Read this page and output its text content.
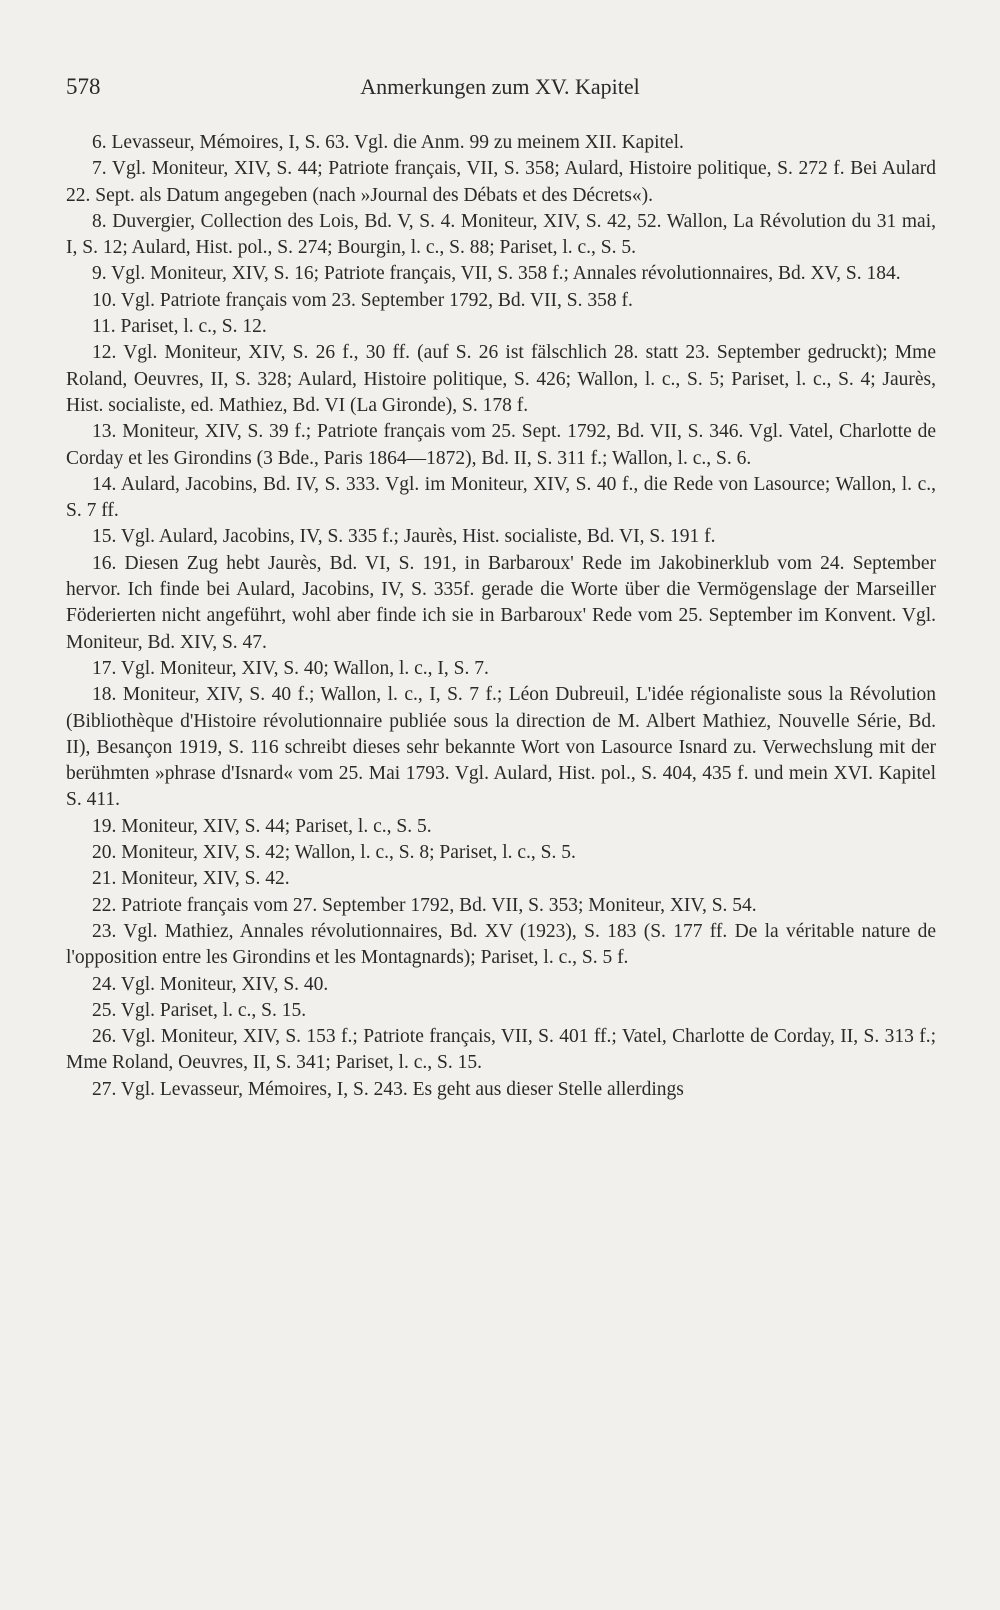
578	Anmerkungen zum XV. Kapitel

6. Levasseur, Mémoires, I, S. 63. Vgl. die Anm. 99 zu meinem XII. Kapitel.

7. Vgl. Moniteur, XIV, S. 44; Patriote français, VII, S. 358; Aulard, Histoire politique, S. 272 f. Bei Aulard 22. Sept. als Datum angegeben (nach »Journal des Débats et des Décrets«).

8. Duvergier, Collection des Lois, Bd. V, S. 4. Moniteur, XIV, S. 42, 52. Wallon, La Révolution du 31 mai, I, S. 12; Aulard, Hist. pol., S. 274; Bourgin, l. c., S. 88; Pariset, l. c., S. 5.

9. Vgl. Moniteur, XIV, S. 16; Patriote français, VII, S. 358 f.; Annales révolutionnaires, Bd. XV, S. 184.

10. Vgl. Patriote français vom 23. September 1792, Bd. VII, S. 358 f.

11. Pariset, l. c., S. 12.

12. Vgl. Moniteur, XIV, S. 26 f., 30 ff. (auf S. 26 ist fälschlich 28. statt 23. September gedruckt); Mme Roland, Oeuvres, II, S. 328; Aulard, Histoire politique, S. 426; Wallon, l. c., S. 5; Pariset, l. c., S. 4; Jaurès, Hist. socialiste, ed. Mathiez, Bd. VI (La Gironde), S. 178 f.

13. Moniteur, XIV, S. 39 f.; Patriote français vom 25. Sept. 1792, Bd. VII, S. 346. Vgl. Vatel, Charlotte de Corday et les Girondins (3 Bde., Paris 1864—1872), Bd. II, S. 311 f.; Wallon, l. c., S. 6.

14. Aulard, Jacobins, Bd. IV, S. 333. Vgl. im Moniteur, XIV, S. 40 f., die Rede von Lasource; Wallon, l. c., S. 7 ff.

15. Vgl. Aulard, Jacobins, IV, S. 335 f.; Jaurès, Hist. socialiste, Bd. VI, S. 191 f.

16. Diesen Zug hebt Jaurès, Bd. VI, S. 191, in Barbaroux' Rede im Jakobinerklub vom 24. September hervor. Ich finde bei Aulard, Jacobins, IV, S. 335f. gerade die Worte über die Vermögenslage der Marseiller Föderierten nicht angeführt, wohl aber finde ich sie in Barbaroux' Rede vom 25. September im Konvent. Vgl. Moniteur, Bd. XIV, S. 47.

17. Vgl. Moniteur, XIV, S. 40; Wallon, l. c., I, S. 7.

18. Moniteur, XIV, S. 40 f.; Wallon, l. c., I, S. 7 f.; Léon Dubreuil, L'idée régionaliste sous la Révolution (Bibliothèque d'Histoire révolutionnaire publiée sous la direction de M. Albert Mathiez, Nouvelle Série, Bd. II), Besançon 1919, S. 116 schreibt dieses sehr bekannte Wort von Lasource Isnard zu. Verwechslung mit der berühmten »phrase d'Isnard« vom 25. Mai 1793. Vgl. Aulard, Hist. pol., S. 404, 435 f. und mein XVI. Kapitel S. 411.

19. Moniteur, XIV, S. 44; Pariset, l. c., S. 5.

20. Moniteur, XIV, S. 42; Wallon, l. c., S. 8; Pariset, l. c., S. 5.

21. Moniteur, XIV, S. 42.

22. Patriote français vom 27. September 1792, Bd. VII, S. 353; Moniteur, XIV, S. 54.

23. Vgl. Mathiez, Annales révolutionnaires, Bd. XV (1923), S. 183 (S. 177 ff. De la véritable nature de l'opposition entre les Girondins et les Montagnards); Pariset, l. c., S. 5 f.

24. Vgl. Moniteur, XIV, S. 40.

25. Vgl. Pariset, l. c., S. 15.

26. Vgl. Moniteur, XIV, S. 153 f.; Patriote français, VII, S. 401 ff.; Vatel, Charlotte de Corday, II, S. 313 f.; Mme Roland, Oeuvres, II, S. 341; Pariset, l. c., S. 15.

27. Vgl. Levasseur, Mémoires, I, S. 243. Es geht aus dieser Stelle allerdings
